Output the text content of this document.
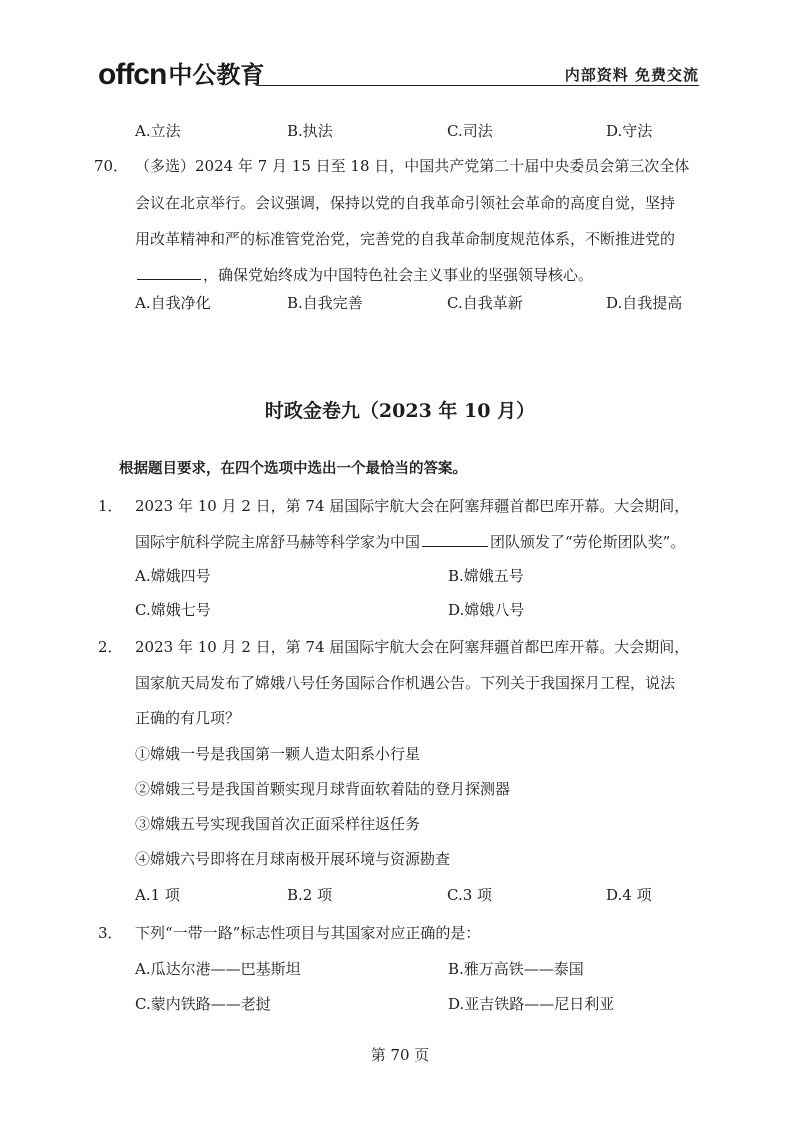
offcn 中公教育	内部资料 免费交流
A.立法	B.执法	C.司法	D.守法
70． （多选）2024 年 7 月 15 日至 18 日，中国共产党第二十届中央委员会第三次全体
会议在北京举行。会议强调，保持以党的自我革命引领社会革命的高度自觉，坚持
用改革精神和严的标准管党治党，完善党的自我革命制度规范体系，不断推进党的
，确保党始终成为中国特色社会主义事业的坚强领导核心。
A.自我净化	B.自我完善	C.自我革新	D.自我提高
时政金卷九（2023 年 10 月）
根据题目要求，在四个选项中选出一个最恰当的答案。
1． 2023 年 10 月 2 日，第 74 届国际宇航大会在阿塞拜疆首都巴库开幕。大会期间，
国际宇航科学院主席舒马赫等科学家为中国	团队颁发了“劳伦斯团队奖”。
A.嫦娥四号	B.嫦娥五号
C.嫦娥七号	D.嫦娥八号
2． 2023 年 10 月 2 日，第 74 届国际宇航大会在阿塞拜疆首都巴库开幕。大会期间，
国家航天局发布了嫦娥八号任务国际合作机遇公告。下列关于我国探月工程，说法
正确的有几项？
①嫦娥一号是我国第一颗人造太阳系小行星
②嫦娥三号是我国首颗实现月球背面软着陆的登月探测器
③嫦娥五号实现我国首次正面采样往返任务
④嫦娥六号即将在月球南极开展环境与资源勘查
A.1 项	B.2 项	C.3 项	D.4 项
3． 下列“一带一路”标志性项目与其国家对应正确的是：
A.瓜达尔港——巴基斯坦	B.雅万高铁——泰国
C.蒙内铁路——老挝	D.亚吉铁路——尼日利亚
第 70 页
